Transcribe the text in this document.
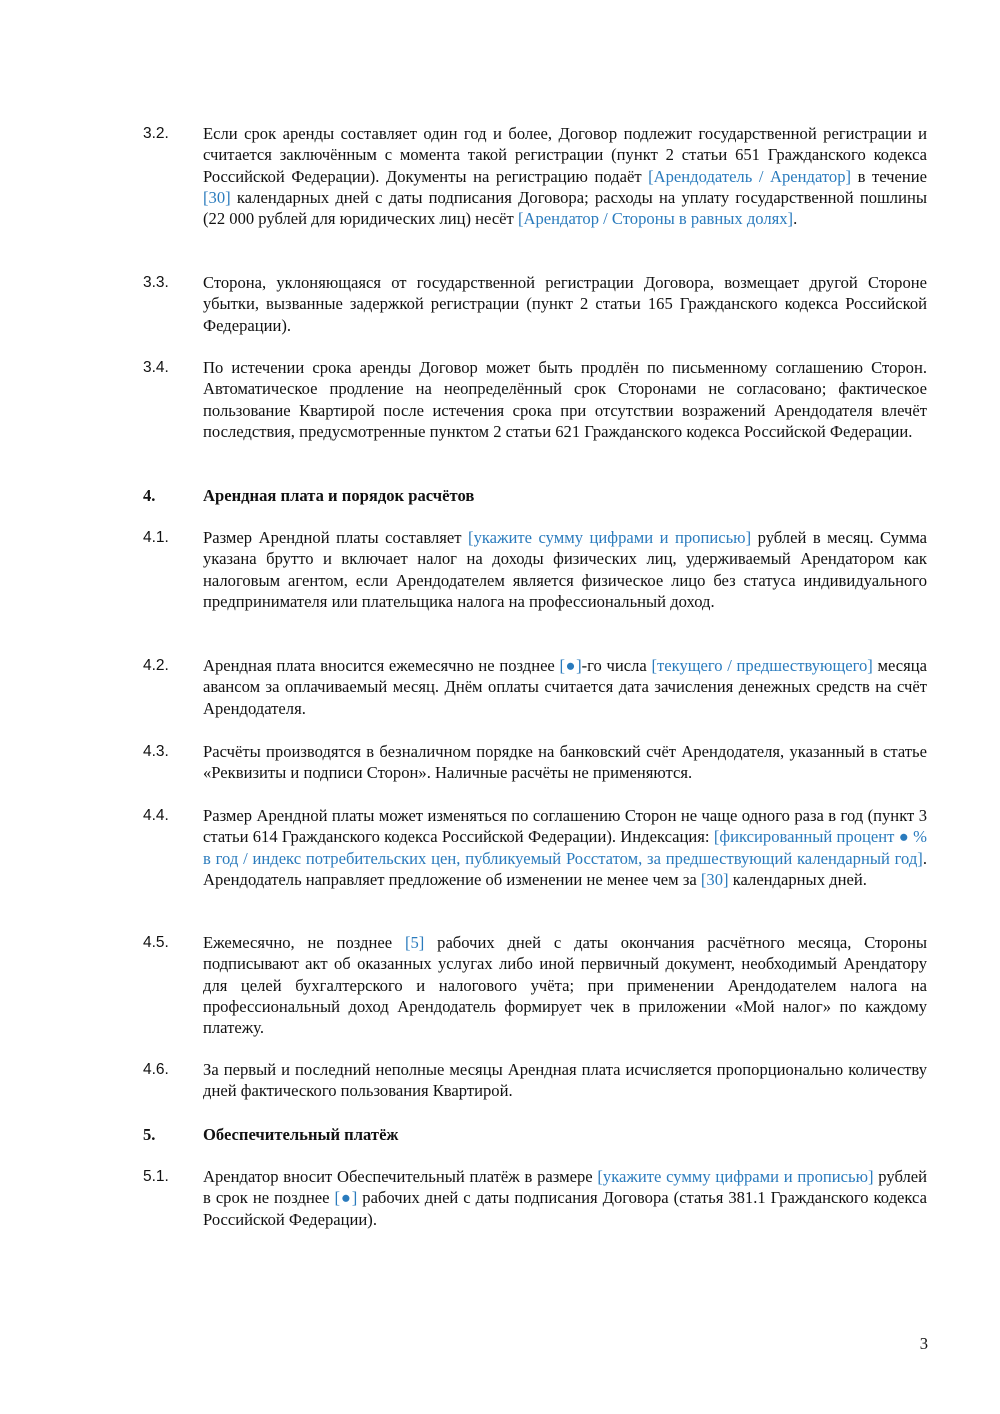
3.2.	Если срок аренды составляет один год и более, Договор подлежит государственной регистрации и считается заключённым с момента такой регистрации (пункт 2 статьи 651 Гражданского кодекса Российской Федерации). Документы на регистрацию подаёт [Арендодатель / Арендатор] в течение [30] календарных дней с даты подписания Договора; расходы на уплату государственной пошлины (22 000 рублей для юридических лиц) несёт [Арендатор / Стороны в равных долях].
3.3.	Сторона, уклоняющаяся от государственной регистрации Договора, возмещает другой Стороне убытки, вызванные задержкой регистрации (пункт 2 статьи 165 Гражданского кодекса Российской Федерации).
3.4.	По истечении срока аренды Договор может быть продлён по письменному соглашению Сторон. Автоматическое продление на неопределённый срок Сторонами не согласовано; фактическое пользование Квартирой после истечения срока при отсутствии возражений Арендодателя влечёт последствия, предусмотренные пунктом 2 статьи 621 Гражданского кодекса Российской Федерации.
4.	Арендная плата и порядок расчётов
4.1.	Размер Арендной платы составляет [укажите сумму цифрами и прописью] рублей в месяц. Сумма указана брутто и включает налог на доходы физических лиц, удерживаемый Арендатором как налоговым агентом, если Арендодателем является физическое лицо без статуса индивидуального предпринимателя или плательщика налога на профессиональный доход.
4.2.	Арендная плата вносится ежемесячно не позднее [●]-го числа [текущего / предшествующего] месяца авансом за оплачиваемый месяц. Днём оплаты считается дата зачисления денежных средств на счёт Арендодателя.
4.3.	Расчёты производятся в безналичном порядке на банковский счёт Арендодателя, указанный в статье «Реквизиты и подписи Сторон». Наличные расчёты не применяются.
4.4.	Размер Арендной платы может изменяться по соглашению Сторон не чаще одного раза в год (пункт 3 статьи 614 Гражданского кодекса Российской Федерации). Индексация: [фиксированный процент ● % в год / индекс потребительских цен, публикуемый Росстатом, за предшествующий календарный год]. Арендодатель направляет предложение об изменении не менее чем за [30] календарных дней.
4.5.	Ежемесячно, не позднее [5] рабочих дней с даты окончания расчётного месяца, Стороны подписывают акт об оказанных услугах либо иной первичный документ, необходимый Арендатору для целей бухгалтерского и налогового учёта; при применении Арендодателем налога на профессиональный доход Арендодатель формирует чек в приложении «Мой налог» по каждому платежу.
4.6.	За первый и последний неполные месяцы Арендная плата исчисляется пропорционально количеству дней фактического пользования Квартирой.
5.	Обеспечительный платёж
5.1.	Арендатор вносит Обеспечительный платёж в размере [укажите сумму цифрами и прописью] рублей в срок не позднее [●] рабочих дней с даты подписания Договора (статья 381.1 Гражданского кодекса Российской Федерации).
3
